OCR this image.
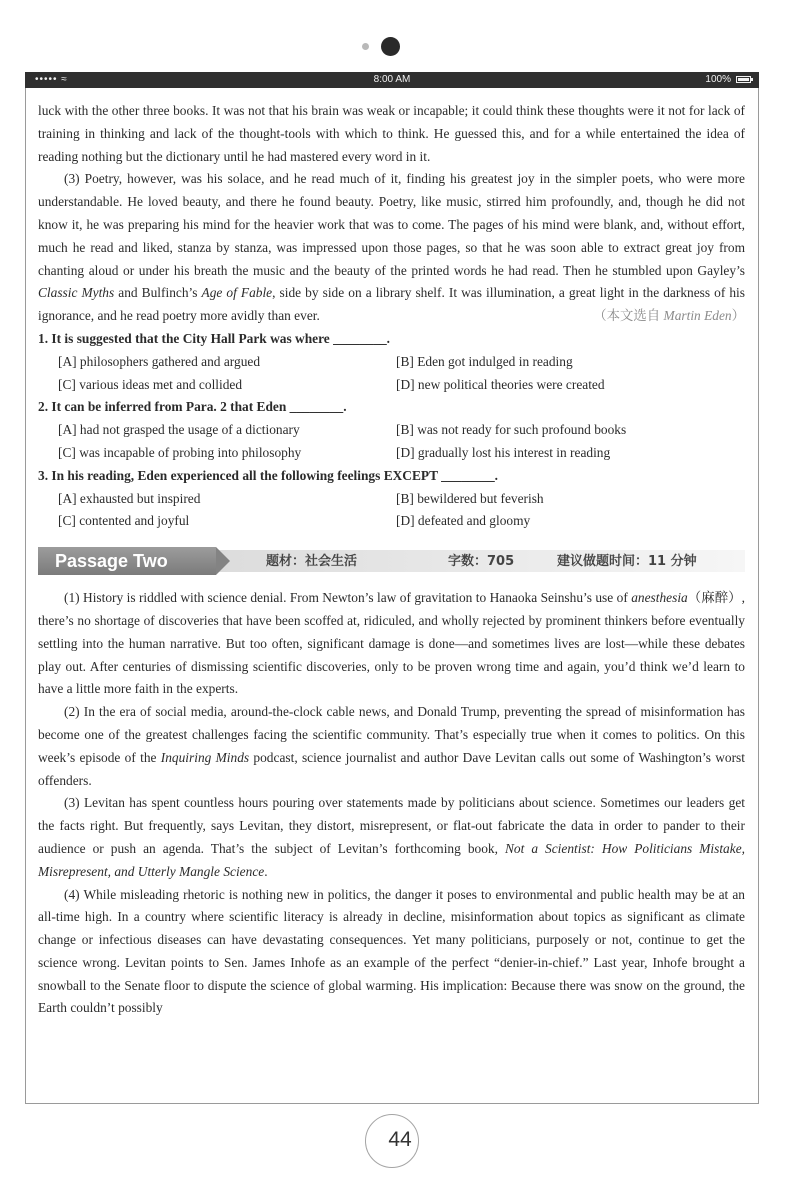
••••• ≈	8:00 AM	100%

luck with the other three books. It was not that his brain was weak or incapable; it could think these thoughts were it not for lack of training in thinking and lack of the thought-tools with which to think. He guessed this, and for a while entertained the idea of reading nothing but the dictionary until he had mastered every word in it.

(3) Poetry, however, was his solace, and he read much of it, finding his greatest joy in the simpler poets, who were more understandable. He loved beauty, and there he found beauty. Poetry, like music, stirred him profoundly, and, though he did not know it, he was preparing his mind for the heavier work that was to come. The pages of his mind were blank, and, without effort, much he read and liked, stanza by stanza, was impressed upon those pages, so that he was soon able to extract great joy from chanting aloud or under his breath the music and the beauty of the printed words he had read. Then he stumbled upon Gayley’s Classic Myths and Bulfinch’s Age of Fable, side by side on a library shelf. It was illumination, a great light in the darkness of his ignorance, and he read poetry more avidly than ever.	（本文选自 Martin Eden）

1. It is suggested that the City Hall Park was where ________.

[A] philosophers gathered and argued	[B] Eden got indulged in reading

[C] various ideas met and collided	[D] new political theories were created

2. It can be inferred from Para. 2 that Eden ________.

[A] had not grasped the usage of a dictionary	[B] was not ready for such profound books

[C] was incapable of probing into philosophy	[D] gradually lost his interest in reading

3. In his reading, Eden experienced all the following feelings EXCEPT ________.

[A] exhausted but inspired	[B] bewildered but feverish

[C] contented and joyful	[D] defeated and gloomy

Passage Two	题材：社会生活	字数：705	建议做题时间：11 分钟

(1) History is riddled with science denial. From Newton’s law of gravitation to Hanaoka Seinshu’s use of anesthesia（麻醉）, there’s no shortage of discoveries that have been scoffed at, ridiculed, and wholly rejected by prominent thinkers before eventually settling into the human narrative. But too often, significant damage is done—and sometimes lives are lost—while these debates play out. After centuries of dismissing scientific discoveries, only to be proven wrong time and again, you’d think we’d learn to have a little more faith in the experts.

(2) In the era of social media, around-the-clock cable news, and Donald Trump, preventing the spread of misinformation has become one of the greatest challenges facing the scientific community. That’s especially true when it comes to politics. On this week’s episode of the Inquiring Minds podcast, science journalist and author Dave Levitan calls out some of Washington’s worst offenders.

(3) Levitan has spent countless hours pouring over statements made by politicians about science. Sometimes our leaders get the facts right. But frequently, says Levitan, they distort, misrepresent, or flat-out fabricate the data in order to pander to their audience or push an agenda. That’s the subject of Levitan’s forthcoming book, Not a Scientist: How Politicians Mistake, Misrepresent, and Utterly Mangle Science.

(4) While misleading rhetoric is nothing new in politics, the danger it poses to environmental and public health may be at an all-time high. In a country where scientific literacy is already in decline, misinformation about topics as significant as climate change or infectious diseases can have devastating consequences. Yet many politicians, purposely or not, continue to get the science wrong. Levitan points to Sen. James Inhofe as an example of the perfect “denier-in-chief.” Last year, Inhofe brought a snowball to the Senate floor to dispute the science of global warming. His implication: Because there was snow on the ground, the Earth couldn’t possibly

44
